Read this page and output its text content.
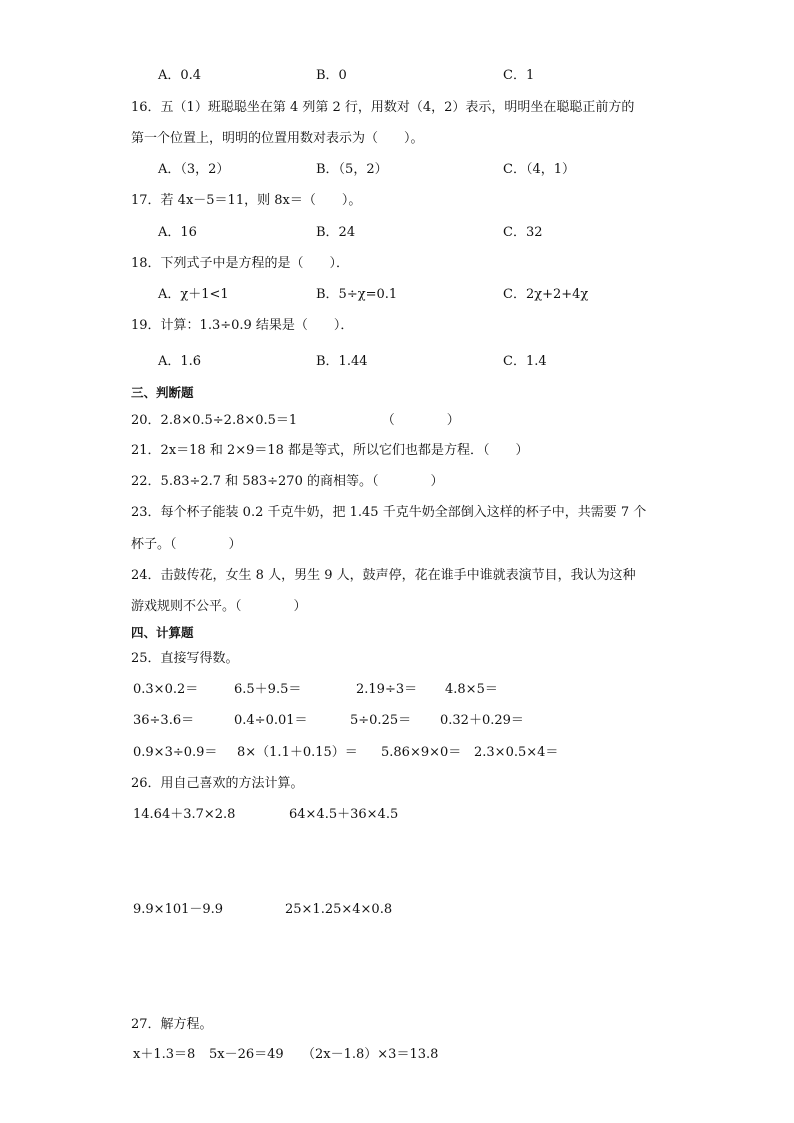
A．0.4	B．0	C．1
16．五（1）班聪聪坐在第 4 列第 2 行，用数对（4，2）表示，明明坐在聪聪正前方的
第一个位置上，明明的位置用数对表示为（　　）。
A．（3，2）	B．（5，2）	C．（4，1）
17．若 4x－5＝11，则 8x＝（　　）。
A．16	B．24	C．32
18．下列式子中是方程的是（　　）．
A．χ＋1<1	B．5÷χ=0.1	C．2χ+2+4χ
19．计算：1.3÷0.9 结果是（　　）．
A．1.6̇	B．1.4̇4̇	C．1.4̇
三、判断题
20．2.8×0.5÷2.8×0.5＝1　　　　　　　（　　　　）
21．2x＝18 和 2×9＝18 都是等式，所以它们也都是方程．（　　）
22．5.83÷2.7 和 583÷270 的商相等。（　　　　）
23．每个杯子能装 0.2 千克牛奶，把 1.45 千克牛奶全部倒入这样的杯子中，共需要 7 个
杯子。（　　　　）
24．击鼓传花，女生 8 人，男生 9 人，鼓声停，花在谁手中谁就表演节目，我认为这种
游戏规则不公平。（　　　　）
四、计算题
25．直接写得数。
0.3×0.2＝	6.5＋9.5＝	2.19÷3＝ 4.8×5＝
36÷3.6＝	0.4÷0.01＝	5÷0.25＝ 0.32＋0.29＝
0.9×3÷0.9＝ 8×（1.1＋0.15）＝ 5.86×9×0＝ 2.3×0.5×4＝
26．用自己喜欢的方法计算。
14.64＋3.7×2.8	64×4.5＋36×4.5
9.9×101－9.9	25×1.25×4×0.8
27．解方程。
x＋1.3＝8 5x－26＝49 （2x－1.8）×3＝13.8
